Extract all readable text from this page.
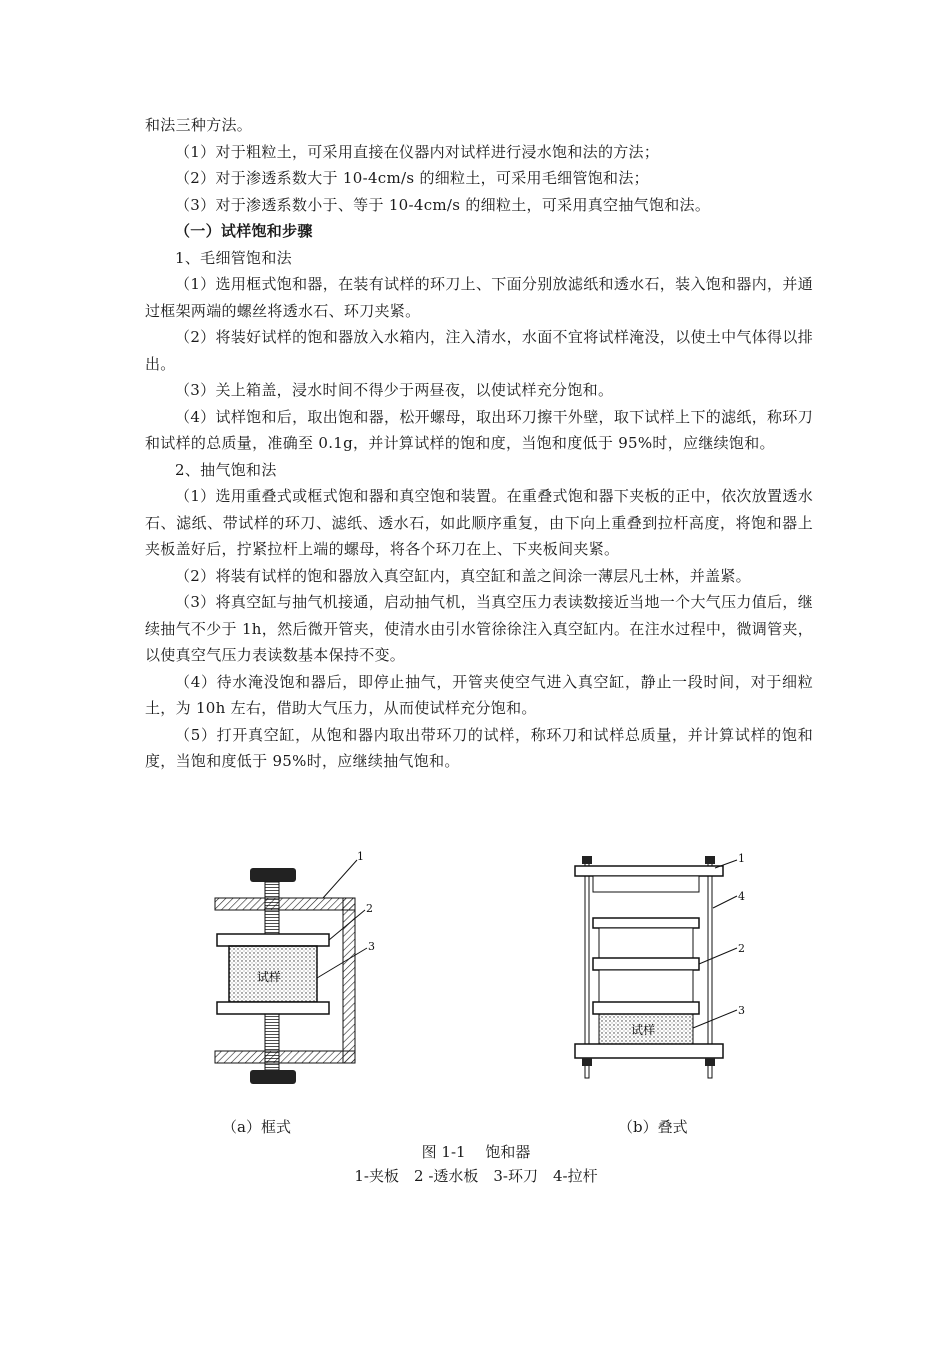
和法三种方法。

（1）对于粗粒土，可采用直接在仪器内对试样进行浸水饱和法的方法；

（2）对于渗透系数大于 10-4cm/s 的细粒土，可采用毛细管饱和法；

（3）对于渗透系数小于、等于 10-4cm/s 的细粒土，可采用真空抽气饱和法。

（一）试样饱和步骤

1、毛细管饱和法

（1）选用框式饱和器，在装有试样的环刀上、下面分别放滤纸和透水石，装入饱和器内，并通过框架两端的螺丝将透水石、环刀夹紧。

（2）将装好试样的饱和器放入水箱内，注入清水，水面不宜将试样淹没，以使土中气体得以排出。

（3）关上箱盖，浸水时间不得少于两昼夜，以使试样充分饱和。

（4）试样饱和后，取出饱和器，松开螺母，取出环刀擦干外壁，取下试样上下的滤纸，称环刀和试样的总质量，准确至 0.1g，并计算试样的饱和度，当饱和度低于 95%时，应继续饱和。

2、抽气饱和法

（1）选用重叠式或框式饱和器和真空饱和装置。在重叠式饱和器下夹板的正中，依次放置透水石、滤纸、带试样的环刀、滤纸、透水石，如此顺序重复，由下向上重叠到拉杆高度，将饱和器上夹板盖好后，拧紧拉杆上端的螺母，将各个环刀在上、下夹板间夹紧。

（2）将装有试样的饱和器放入真空缸内，真空缸和盖之间涂一薄层凡士林，并盖紧。

（3）将真空缸与抽气机接通，启动抽气机，当真空压力表读数接近当地一个大气压力值后，继续抽气不少于 1h，然后微开管夹，使清水由引水管徐徐注入真空缸内。在注水过程中，微调管夹，以使真空气压力表读数基本保持不变。

（4）待水淹没饱和器后，即停止抽气，开管夹使空气进入真空缸，静止一段时间，对于细粒土，为 10h 左右，借助大气压力，从而使试样充分饱和。

（5）打开真空缸，从饱和器内取出带环刀的试样，称环刀和试样总质量，并计算试样的饱和度，当饱和度低于 95%时，应继续抽气饱和。

试样
1
2
3
试样
1
4
2
3
（a）框式	（b）叠式
图 1-1　 饱和器
1-夹板　2 -透水板　3-环刀　4-拉杆
